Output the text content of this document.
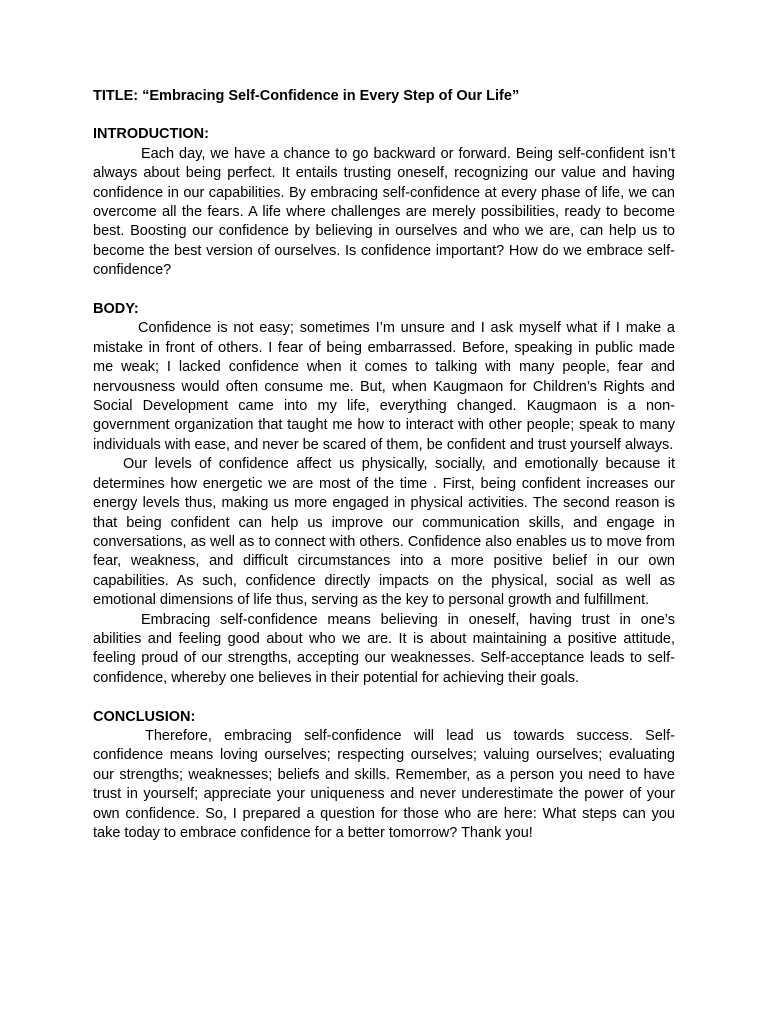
TITLE: “Embracing Self-Confidence in Every Step of Our Life”
INTRODUCTION:

Each day, we have a chance to go backward or forward. Being self-confident isn’t always about being perfect. It entails trusting oneself, recognizing our value and having confidence in our capabilities. By embracing self-confidence at every phase of life, we can overcome all the fears. A life where challenges are merely possibilities, ready to become best. Boosting our confidence by believing in ourselves and who we are, can help us to become the best version of ourselves. Is confidence important? How do we embrace self-confidence?

BODY:

Confidence is not easy; sometimes I’m unsure and I ask myself what if I make a mistake in front of others. I fear of being embarrassed. Before, speaking in public made me weak; I lacked confidence when it comes to talking with many people, fear and nervousness would often consume me. But, when Kaugmaon for Children’s Rights and Social Development came into my life, everything changed. Kaugmaon is a non-government organization that taught me how to interact with other people; speak to many individuals with ease, and never be scared of them, be confident and trust yourself always.

Our levels of confidence affect us physically, socially, and emotionally because it determines how energetic we are most of the time . First, being confident increases our energy levels thus, making us more engaged in physical activities. The second reason is that being confident can help us improve our communication skills, and engage in conversations, as well as to connect with others. Confidence also enables us to move from fear, weakness, and difficult circumstances into a more positive belief in our own capabilities. As such, confidence directly impacts on the physical, social as well as emotional dimensions of life thus, serving as the key to personal growth and fulfillment.

Embracing self-confidence means believing in oneself, having trust in one’s abilities and feeling good about who we are. It is about maintaining a positive attitude, feeling proud of our strengths, accepting our weaknesses. Self-acceptance leads to self-confidence, whereby one believes in their potential for achieving their goals.

CONCLUSION:

Therefore, embracing self-confidence will lead us towards success. Self-confidence means loving ourselves; respecting ourselves; valuing ourselves; evaluating our strengths; weaknesses; beliefs and skills. Remember, as a person you need to have trust in yourself; appreciate your uniqueness and never underestimate the power of your own confidence. So, I prepared a question for those who are here: What steps can you take today to embrace confidence for a better tomorrow? Thank you!
